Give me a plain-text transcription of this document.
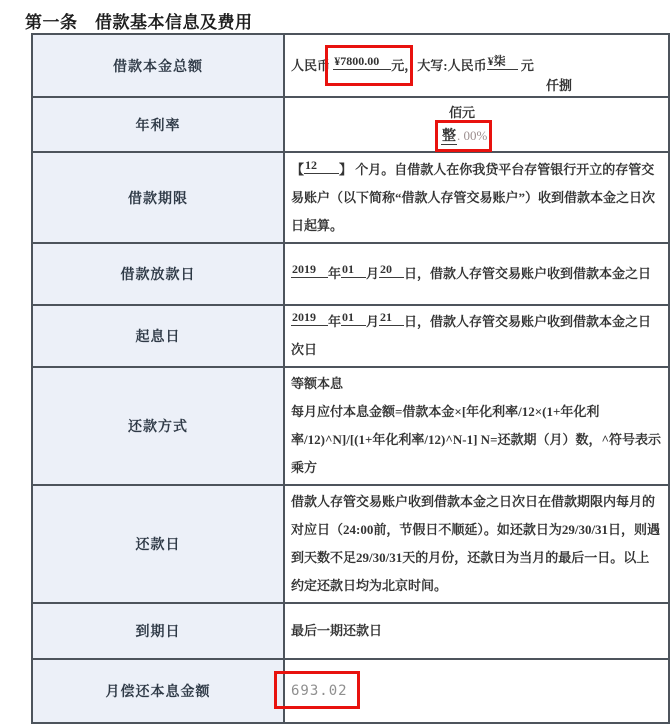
第一条　借款基本信息及费用
借款本金总额	人民币 ¥7800.00 元，大写:人民币¥柒 元
仟捌

年利率	佰元
整. 00%

借款期限	【12 】 个月。自借款人在你我贷平台存管银行开立的存管交易账户（以下简称“借款人存管交易账户”）收到借款本金之日次日起算。
借款放款日	2019 年01 月20 日，借款人存管交易账户收到借款本金之日
起息日	2019 年01 月21 日，借款人存管交易账户收到借款本金之日次日
还款方式	等额本息
每月应付本息金额=借款本金×[年化利率/12×(1+年化利率/12)^N]/[(1+年化利率/12)^N-1] N=还款期（月）数，^符号表示乘方

还款日	借款人存管交易账户收到借款本金之日次日在借款期限内每月的对应日（24:00前，节假日不顺延）。如还款日为29/30/31日，则遇到天数不足29/30/31天的月份，还款日为当月的最后一日。以上约定还款日均为北京时间。
到期日	最后一期还款日
月偿还本息金额	693.02
